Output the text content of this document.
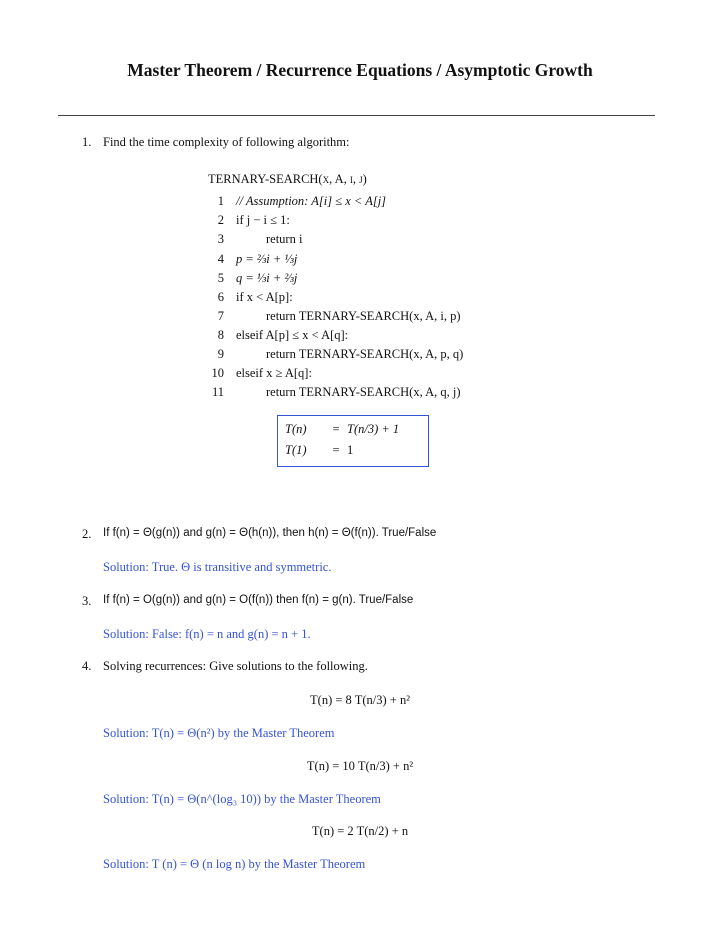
Master Theorem / Recurrence Equations / Asymptotic Growth
1. Find the time complexity of following algorithm:
TERNARY-SEARCH(x, A, i, j)
1 // Assumption: A[i] ≤ x < A[j]
2 if j − i ≤ 1:
3	return i
4 p = ⅔i + ⅓j
5 q = ⅓i + ⅔j
6 if x < A[p]:
7	return TERNARY-SEARCH(x, A, i, p)
8 elseif A[p] ≤ x < A[q]:
9	return TERNARY-SEARCH(x, A, p, q)
10 elseif x ≥ A[q]:
11	return TERNARY-SEARCH(x, A, q, j)
T(n) = T(n/3) + 1
T(1) = 1
2. If f(n) = Θ(g(n)) and g(n) = Θ(h(n)), then h(n) = Θ(f(n)). True/False
Solution: True. Θ is transitive and symmetric.
3. If f(n) = O(g(n)) and g(n) = O(f(n)) then f(n) = g(n). True/False
Solution: False: f(n) = n and g(n) = n + 1.
4. Solving recurrences: Give solutions to the following.
T(n) = 8 T(n/3) + n²
Solution: T(n) = Θ(n²) by the Master Theorem
T(n) = 10 T(n/3) + n²
Solution: T(n) = Θ(n^(log₃ 10)) by the Master Theorem
T(n) = 2 T(n/2) + n
Solution: T (n) = Θ (n log n) by the Master Theorem
